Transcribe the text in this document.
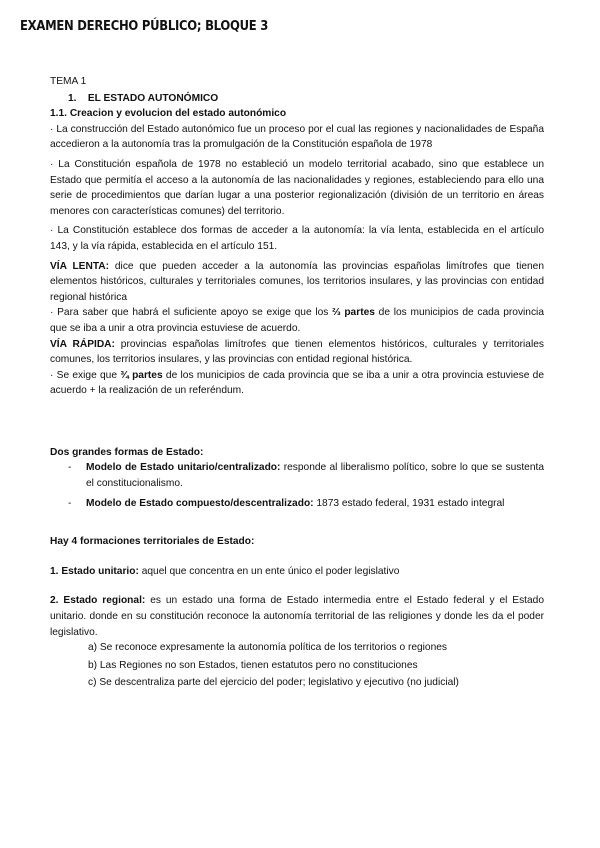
EXAMEN DERECHO PÚBLICO; BLOQUE 3

TEMA 1

1. EL ESTADO AUTONÓMICO

1.1. Creacion y evolucion del estado autonómico

· La construcción del Estado autonómico fue un proceso por el cual las regiones y nacionalidades de España accedieron a la autonomía tras la promulgación de la Constitución española de 1978

· La Constitución española de 1978 no estableció un modelo territorial acabado, sino que establece un Estado que permitía el acceso a la autonomía de las nacionalidades y regiones, estableciendo para ello una serie de procedimientos que darían lugar a una posterior regionalización (división de un territorio en áreas menores con características comunes) del territorio.

· La Constitución establece dos formas de acceder a la autonomía: la vía lenta, establecida en el artículo 143, y la vía rápida, establecida en el artículo 151.

VÍA LENTA: dice que pueden acceder a la autonomía las provincias españolas limítrofes que tienen elementos históricos, culturales y territoriales comunes, los territorios insulares, y las provincias con entidad regional histórica

· Para saber que habrá el suficiente apoyo se exige que los ⅔ partes de los municipios de cada provincia que se iba a unir a otra provincia estuviese de acuerdo.

VÍA RÁPIDA: provincias españolas limítrofes que tienen elementos históricos, culturales y territoriales comunes, los territorios insulares, y las provincias con entidad regional histórica.

· Se exige que ¾ partes de los municipios de cada provincia que se iba a unir a otra provincia estuviese de acuerdo + la realización de un referéndum.

Dos grandes formas de Estado:

- Modelo de Estado unitario/centralizado: responde al liberalismo político, sobre lo que se sustenta el constitucionalismo.
- Modelo de Estado compuesto/descentralizado: 1873 estado federal, 1931 estado integral

Hay 4 formaciones territoriales de Estado:

1. Estado unitario: aquel que concentra en un ente único el poder legislativo

2. Estado regional: es un estado una forma de Estado intermedia entre el Estado federal y el Estado unitario. donde en su constitución reconoce la autonomía territorial de las religiones y donde les da el poder legislativo.

a) Se reconoce expresamente la autonomía política de los territorios o regiones
b) Las Regiones no son Estados, tienen estatutos pero no constituciones
c) Se descentraliza parte del ejercicio del poder; legislativo y ejecutivo (no judicial)
